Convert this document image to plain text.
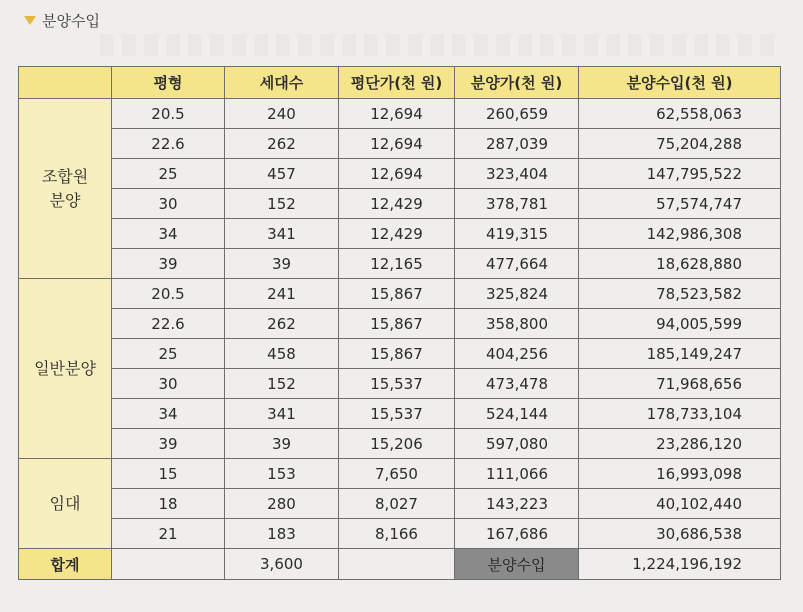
분양수입
	평형	세대수	평단가(천 원)	분양가(천 원)	분양수입(천 원)
조합원
분양	20.5	240	12,694	260,659	62,558,063
	22.6	262	12,694	287,039	75,204,288
	25	457	12,694	323,404	147,795,522
	30	152	12,429	378,781	57,574,747
	34	341	12,429	419,315	142,986,308
	39	39	12,165	477,664	18,628,880
일반분양	20.5	241	15,867	325,824	78,523,582
	22.6	262	15,867	358,800	94,005,599
	25	458	15,867	404,256	185,149,247
	30	152	15,537	473,478	71,968,656
	34	341	15,537	524,144	178,733,104
	39	39	15,206	597,080	23,286,120
임대	15	153	7,650	111,066	16,993,098
	18	280	8,027	143,223	40,102,440
	21	183	8,166	167,686	30,686,538
합계		3,600		분양수입	1,224,196,192
